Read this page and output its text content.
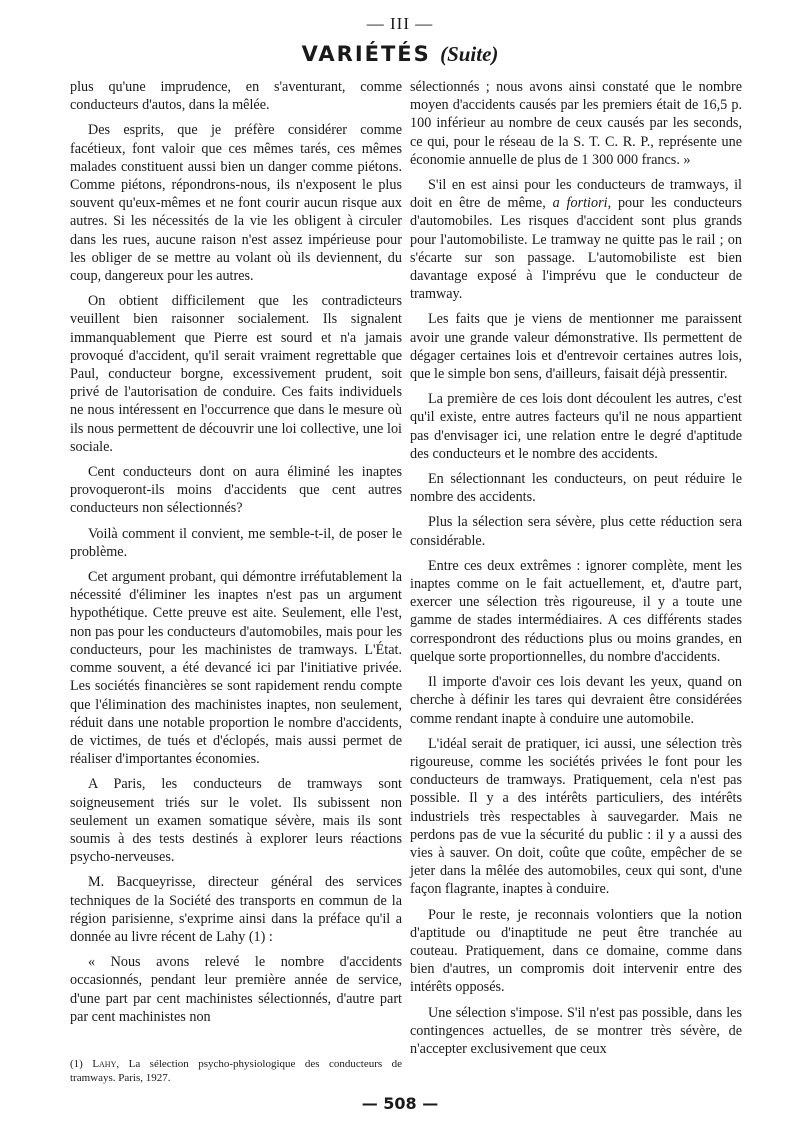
— III —
VARIÉTÉS (Suite)

plus qu'une imprudence, en s'aventurant, comme conducteurs d'autos, dans la mêlée.

Des esprits, que je préfère considérer comme facétieux, font valoir que ces mêmes tarés, ces mêmes malades constituent aussi bien un danger comme piétons. Comme piétons, répondrons-nous, ils n'exposent le plus souvent qu'eux-mêmes et ne font courir aucun risque aux autres. Si les nécessités de la vie les obligent à circuler dans les rues, aucune raison n'est assez impérieuse pour les obliger de se mettre au volant où ils deviennent, du coup, dangereux pour les autres.

On obtient difficilement que les contradicteurs veuillent bien raisonner socialement. Ils signalent immanquablement que Pierre est sourd et n'a jamais provoqué d'accident, qu'il serait vraiment regrettable que Paul, conducteur borgne, excessivement prudent, soit privé de l'autorisation de conduire. Ces faits individuels ne nous intéressent en l'occurrence que dans le mesure où ils nous permettent de découvrir une loi collective, une loi sociale.

Cent conducteurs dont on aura éliminé les inaptes provoqueront-ils moins d'accidents que cent autres conducteurs non sélectionnés?

Voilà comment il convient, me semble-t-il, de poser le problème.

Cet argument probant, qui démontre irréfutablement la nécessité d'éliminer les inaptes n'est pas un argument hypothétique. Cette preuve est aite. Seulement, elle l'est, non pas pour les conducteurs d'automobiles, mais pour les conducteurs, pour les machinistes de tramways. L'État. comme souvent, a été devancé ici par l'initiative privée. Les sociétés financières se sont rapidement rendu compte que l'élimination des machinistes inaptes, non seulement, réduit dans une notable proportion le nombre d'accidents, de victimes, de tués et d'éclopés, mais aussi permet de réaliser d'importantes économies.

A Paris, les conducteurs de tramways sont soigneusement triés sur le volet. Ils subissent non seulement un examen somatique sévère, mais ils sont soumis à des tests destinés à explorer leurs réactions psycho-nerveuses.

M. Bacqueyrisse, directeur général des services techniques de la Société des transports en commun de la région parisienne, s'exprime ainsi dans la préface qu'il a donnée au livre récent de Lahy (1) :

« Nous avons relevé le nombre d'accidents occasionnés, pendant leur première année de service, d'une part par cent machinistes sélectionnés, d'autre part par cent machinistes non

sélectionnés ; nous avons ainsi constaté que le nombre moyen d'accidents causés par les premiers était de 16,5 p. 100 inférieur au nombre de ceux causés par les seconds, ce qui, pour le réseau de la S. T. C. R. P., représente une économie annuelle de plus de 1 300 000 francs. »

S'il en est ainsi pour les conducteurs de tramways, il doit en être de même, a fortiori, pour les conducteurs d'automobiles. Les risques d'accident sont plus grands pour l'automobiliste. Le tramway ne quitte pas le rail ; on s'écarte sur son passage. L'automobiliste est bien davantage exposé à l'imprévu que le conducteur de tramway.

Les faits que je viens de mentionner me paraissent avoir une grande valeur démonstrative. Ils permettent de dégager certaines lois et d'entrevoir certaines autres lois, que le simple bon sens, d'ailleurs, faisait déjà pressentir.

La première de ces lois dont découlent les autres, c'est qu'il existe, entre autres facteurs qu'il ne nous appartient pas d'envisager ici, une relation entre le degré d'aptitude des conducteurs et le nombre des accidents.

En sélectionnant les conducteurs, on peut réduire le nombre des accidents.

Plus la sélection sera sévère, plus cette réduction sera considérable.

Entre ces deux extrêmes : ignorer complète, ment les inaptes comme on le fait actuellement, et, d'autre part, exercer une sélection très rigoureuse, il y a toute une gamme de stades intermédiaires. A ces différents stades correspondront des réductions plus ou moins grandes, en quelque sorte proportionnelles, du nombre d'accidents.

Il importe d'avoir ces lois devant les yeux, quand on cherche à définir les tares qui devraient être considérées comme rendant inapte à conduire une automobile.

L'idéal serait de pratiquer, ici aussi, une sélection très rigoureuse, comme les sociétés privées le font pour les conducteurs de tramways. Pratiquement, cela n'est pas possible. Il y a des intérêts particuliers, des intérêts industriels très respectables à sauvegarder. Mais ne perdons pas de vue la sécurité du public : il y a aussi des vies à sauver. On doit, coûte que coûte, empêcher de se jeter dans la mêlée des automobiles, ceux qui sont, d'une façon flagrante, inaptes à conduire.

Pour le reste, je reconnais volontiers que la notion d'aptitude ou d'inaptitude ne peut être tranchée au couteau. Pratiquement, dans ce domaine, comme dans bien d'autres, un compromis doit intervenir entre des intérêts opposés.

Une sélection s'impose. S'il n'est pas possible, dans les contingences actuelles, de se montrer très sévère, de n'accepter exclusivement que ceux

(1) Lahy, La sélection psycho-physiologique des conducteurs de tramways. Paris, 1927.
— 508 —
